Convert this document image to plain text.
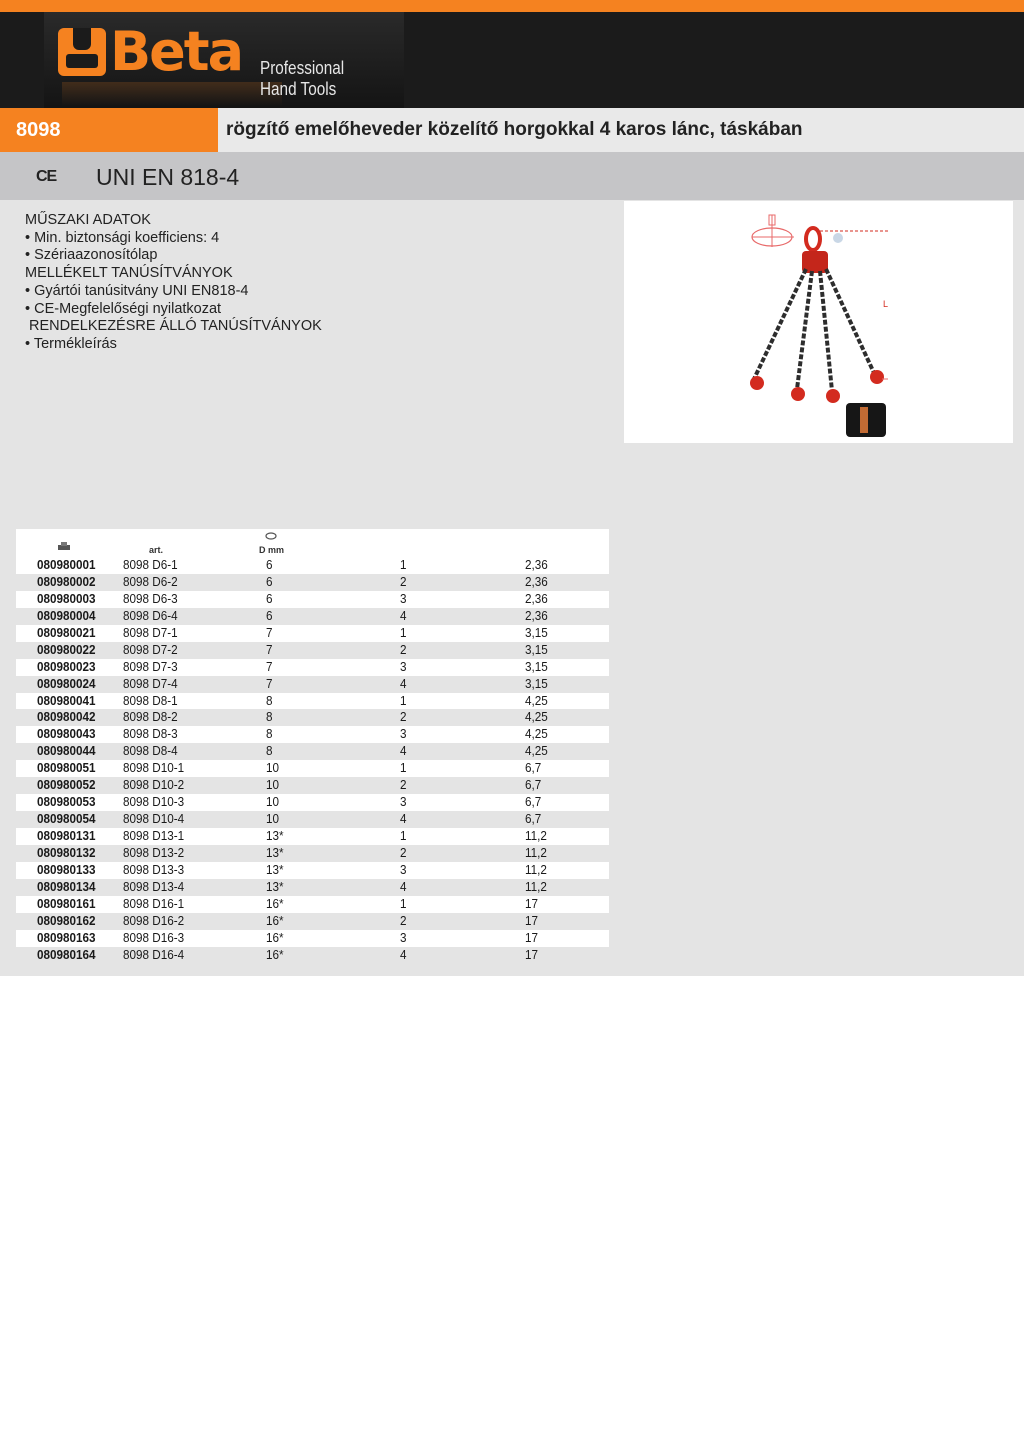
Beta Professional Hand Tools
8098	rögzítő emelőheveder közelítő horgokkal 4 karos lánc, táskában
CE UNI EN 818-4
MŰSZAKI ADATOK
• Min. biztonsági koefficiens: 4
• Szériaazonosítólap
MELLÉKELT TANÚSÍTVÁNYOK
• Gyártói tanúsitvány UNI EN818-4
• CE-Megfelelőségi nyilatkozat
RENDELKEZÉSRE ÁLLÓ TANÚSÍTVÁNYOK
• Termékleírás
L
art.	D mm
080980001 8098 D6-1	6	1	2,36
080980002 8098 D6-2	6	2	2,36
080980003 8098 D6-3	6	3	2,36
080980004 8098 D6-4	6	4	2,36
080980021 8098 D7-1	7	1	3,15
080980022 8098 D7-2	7	2	3,15
080980023 8098 D7-3	7	3	3,15
080980024 8098 D7-4	7	4	3,15
080980041 8098 D8-1	8	1	4,25
080980042 8098 D8-2	8	2	4,25
080980043 8098 D8-3	8	3	4,25
080980044 8098 D8-4	8	4	4,25
080980051 8098 D10-1	10	1	6,7
080980052 8098 D10-2	10	2	6,7
080980053 8098 D10-3	10	3	6,7
080980054 8098 D10-4	10	4	6,7
080980131 8098 D13-1	13*	1	11,2
080980132 8098 D13-2	13*	2	11,2
080980133 8098 D13-3	13*	3	11,2
080980134 8098 D13-4	13*	4	11,2
080980161 8098 D16-1	16*	1	17
080980162 8098 D16-2	16*	2	17
080980163 8098 D16-3	16*	3	17
080980164 8098 D16-4	16*	4	17
